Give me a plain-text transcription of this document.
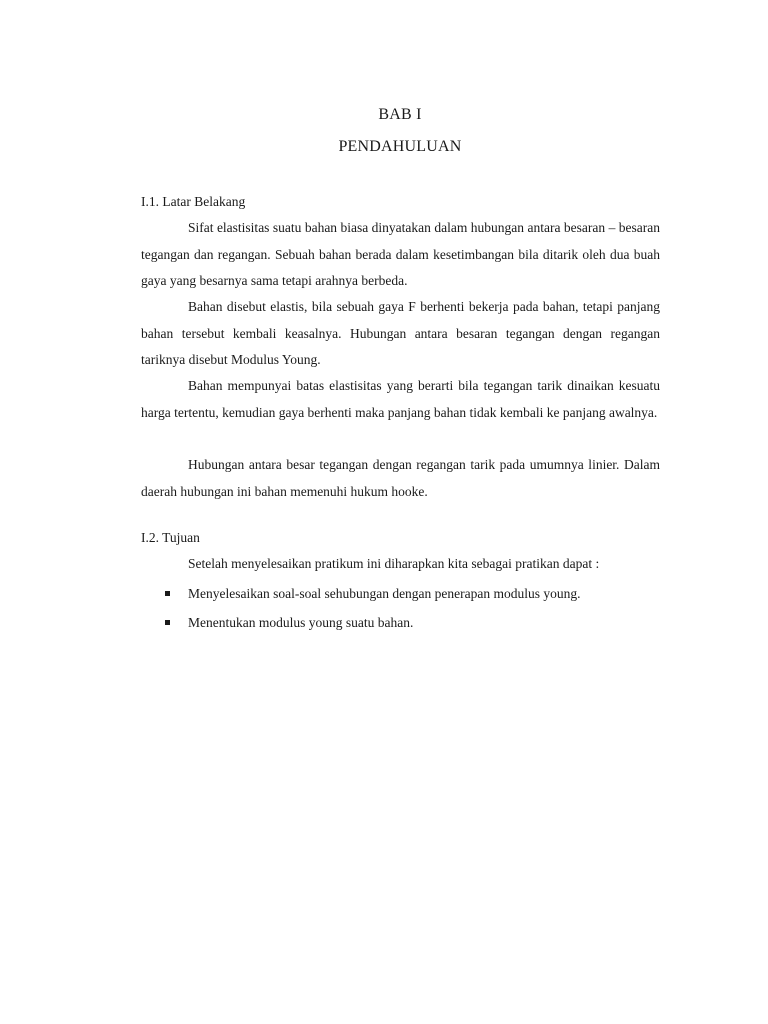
BAB I
PENDAHULUAN
I.1. Latar Belakang

Sifat elastisitas suatu bahan biasa dinyatakan dalam hubungan antara besaran – besaran tegangan dan regangan. Sebuah bahan berada dalam kesetimbangan bila ditarik oleh dua buah gaya yang besarnya sama tetapi arahnya berbeda.

Bahan disebut elastis, bila sebuah gaya F berhenti bekerja pada bahan, tetapi panjang bahan tersebut kembali keasalnya. Hubungan antara besaran tegangan dengan regangan tariknya disebut Modulus Young.

Bahan mempunyai batas elastisitas yang berarti bila tegangan tarik dinaikan kesuatu harga tertentu, kemudian gaya berhenti maka panjang bahan tidak kembali ke panjang awalnya.

Hubungan antara besar tegangan dengan regangan tarik pada umumnya linier. Dalam daerah hubungan ini bahan memenuhi hukum hooke.

I.2. Tujuan

Setelah menyelesaikan pratikum ini diharapkan kita sebagai pratikan dapat :

Menyelesaikan soal-soal sehubungan dengan penerapan modulus young.
Menentukan modulus young suatu bahan.
